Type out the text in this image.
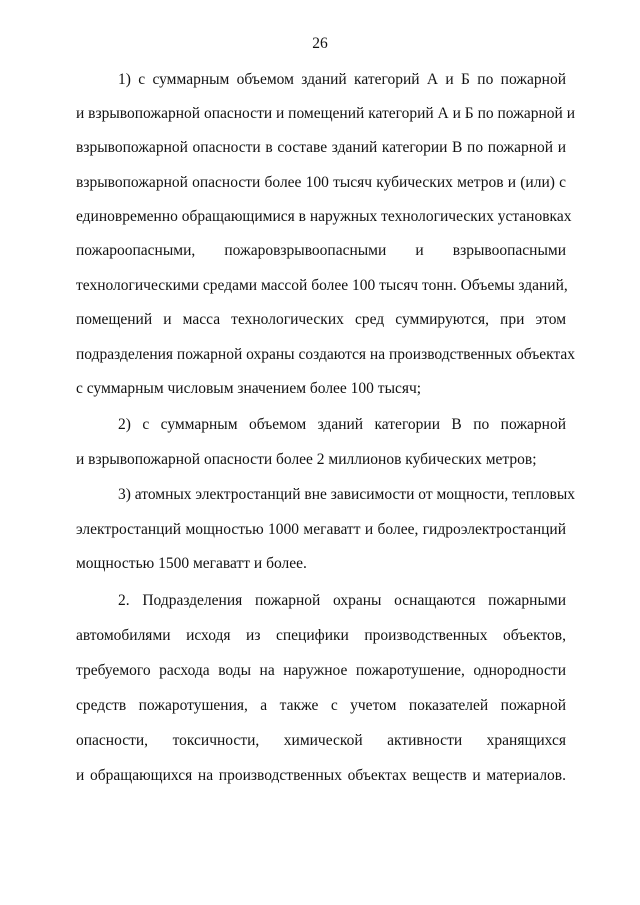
26
1) с суммарным объемом зданий категорий А и Б по пожарной
и взрывопожарной опасности и помещений категорий А и Б по пожарной и
взрывопожарной опасности в составе зданий категории В по пожарной и
взрывопожарной опасности более 100 тысяч кубических метров и (или) с
единовременно обращающимися в наружных технологических установках
пожароопасными, пожаровзрывоопасными и взрывоопасными
технологическими средами массой более 100 тысяч тонн. Объемы зданий,
помещений и масса технологических сред суммируются, при этом
подразделения пожарной охраны создаются на производственных объектах
с суммарным числовым значением более 100 тысяч;
2) с суммарным объемом зданий категории В по пожарной
и взрывопожарной опасности более 2 миллионов кубических метров;
3) атомных электростанций вне зависимости от мощности, тепловых
электростанций мощностью 1000 мегаватт и более, гидроэлектростанций
мощностью 1500 мегаватт и более.
2. Подразделения пожарной охраны оснащаются пожарными
автомобилями исходя из специфики производственных объектов,
требуемого расхода воды на наружное пожаротушение, однородности
средств пожаротушения, а также с учетом показателей пожарной
опасности, токсичности, химической активности хранящихся
и обращающихся на производственных объектах веществ и материалов.
